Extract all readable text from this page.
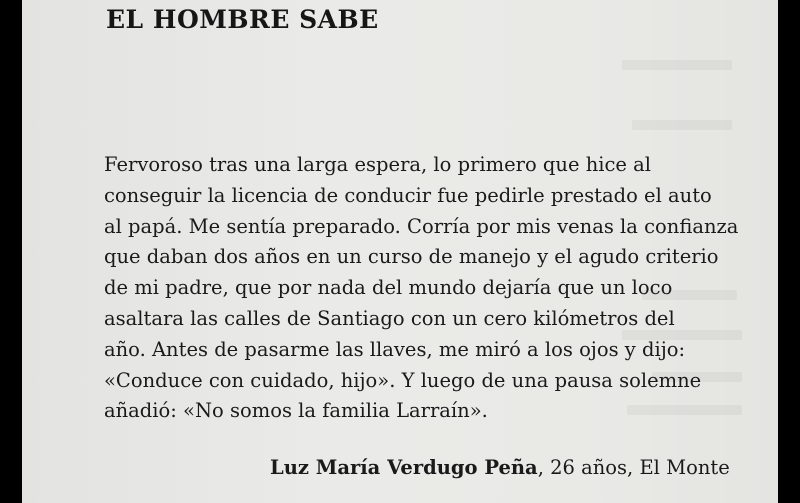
EL HOMBRE SABE

Fervoroso tras una larga espera, lo primero que hice al
conseguir la licencia de conducir fue pedirle prestado el auto
al papá. Me sentía preparado. Corría por mis venas la confianza
que daban dos años en un curso de manejo y el agudo criterio
de mi padre, que por nada del mundo dejaría que un loco
asaltara las calles de Santiago con un cero kilómetros del
año. Antes de pasarme las llaves, me miró a los ojos y dijo:
«Conduce con cuidado, hijo». Y luego de una pausa solemne
añadió: «No somos la familia Larraín».

Luz María Verdugo Peña, 26 años, El Monte
